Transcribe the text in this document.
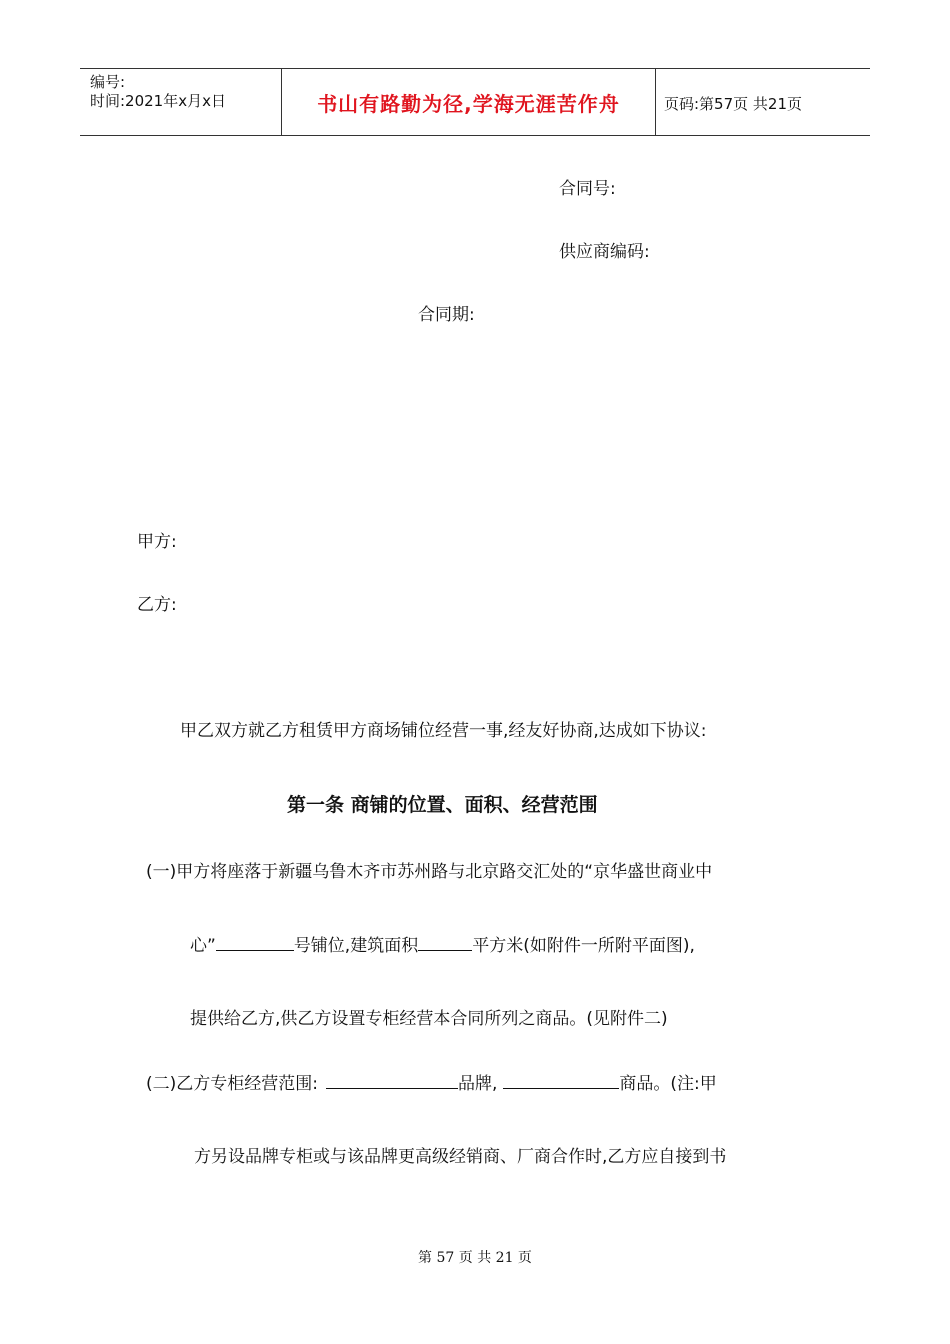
编号:
时间:2021年x月x日	书山有路勤为径,学海无涯苦作舟	页码:第57页 共21页
合同号:
供应商编码:
合同期:
甲方:
乙方:
甲乙双方就乙方租赁甲方商场铺位经营一事,经友好协商,达成如下协议:
第一条 商铺的位置、面积、经营范围
(一)甲方将座落于新疆乌鲁木齐市苏州路与北京路交汇处的“京华盛世商业中
心”	号铺位,建筑面积	平方米(如附件一所附平面图),
提供给乙方,供乙方设置专柜经营本合同所列之商品。(见附件二)
(二)乙方专柜经营范围:	品牌,	商品。(注:甲
方另设品牌专柜或与该品牌更高级经销商、厂商合作时,乙方应自接到书
第 57 页 共 21 页
